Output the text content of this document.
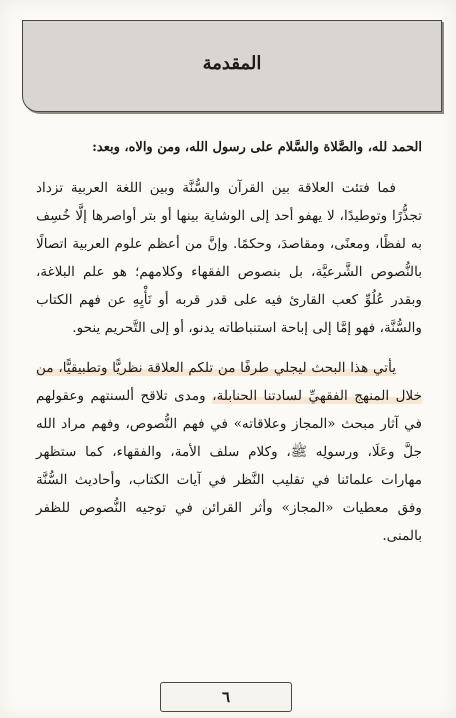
المقدمة

الحمد لله، والصَّلاة والسَّلام على رسول الله، ومن والاه، وبعد:

فما فتئت العلاقة بين القرآن والسُّنَّة وبين اللغة العربية تزداد تجذُّرًا وتوطيدًا، لا يهفو أحد إلى الوشاية بينها أو بتر أواصرها إلَّا خُسِف به لفظًا، ومعنًى، ومقاصدَ، وحكمًا. وإنَّ من أعظم علوم العربية اتصالًا بالنُّصوص الشَّرعيَّة، بل بنصوص الفقهاء وكلامهم؛ هو علم البلاغة، وبقدر عُلُوِّ كعب القارئ فيه على قدر قربه أو نَأْيِهِ عن فهم الكتاب والسُّنَّة، فهو إمَّا إلى إباحة استنباطاته يدنو، أو إلى التَّحريم ينحو.

يأتي هذا البحث ليجلي طرفًا من تلكم العلاقة نظريًّا وتطبيقيًّا، من خلال المنهج الفقهيِّ لسادتنا الحنابلة، ومدى تلاقح ألسنتهم وعقولهم في آثار مبحث «المجاز وعلاقاته» في فهم النُّصوص، وفهم مراد الله جلَّ وعَلَا، ورسولِه ﷺ، وكلام سلف الأمة، والفقهاء، كما ستظهر مهارات علمائنا في تقليب النَّظر في آيات الكتاب، وأحاديث السُّنَّة وفق معطيات «المجاز» وأثر القرائن في توجيه النُّصوص للظفر بالمنى.

٦
